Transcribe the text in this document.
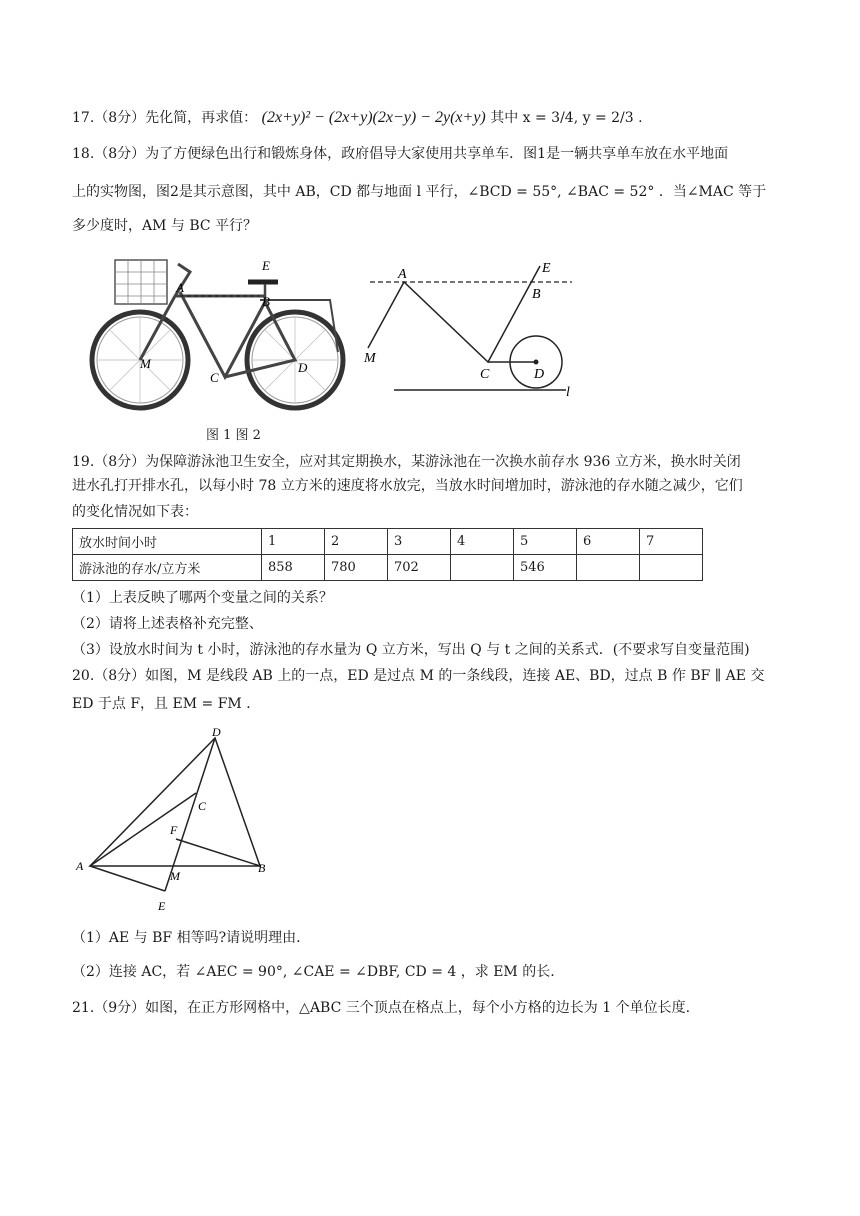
17.（8分）先化简，再求值： (2x+y)² − (2x+y)(2x−y) − 2y(x+y) 其中 x = 3/4, y = 2/3 .
18.（8分）为了方便绿色出行和锻炼身体，政府倡导大家使用共享单车．图1是一辆共享单车放在水平地面
上的实物图，图2是其示意图，其中 AB，CD 都与地面 l 平行，∠BCD = 55°, ∠BAC = 52° ．当∠MAC 等于
多少度时，AM 与 BC 平行？
A
B
E
M
C
D
A
B
E
M
C	D
l
图 1 图 2
19.（8分）为保障游泳池卫生安全，应对其定期换水，某游泳池在一次换水前存水 936 立方米，换水时关闭
进水孔打开排水孔，以每小时 78 立方米的速度将水放完，当放水时间增加时，游泳池的存水随之减少，它们
的变化情况如下表：
放水时间小时	1	2	3	4	5	6	7
游泳池的存水/立方米	858	780	702		546		
（1）上表反映了哪两个变量之间的关系？
（2）请将上述表格补充完整、
（3）设放水时间为 t 小时，游泳池的存水量为 Q 立方米，写出 Q 与 t 之间的关系式．(不要求写自变量范围)
20.（8分）如图，M 是线段 AB 上的一点，ED 是过点 M 的一条线段，连接 AE、BD，过点 B 作 BF ∥ AE 交
ED 于点 F，且 EM = FM ．
D
C
F
A	B
M
E
（1）AE 与 BF 相等吗?请说明理由.
（2）连接 AC，若 ∠AEC = 90°, ∠CAE = ∠DBF, CD = 4 ，求 EM 的长.
21.（9分）如图，在正方形网格中，△ABC 三个顶点在格点上，每个小方格的边长为 1 个单位长度.
